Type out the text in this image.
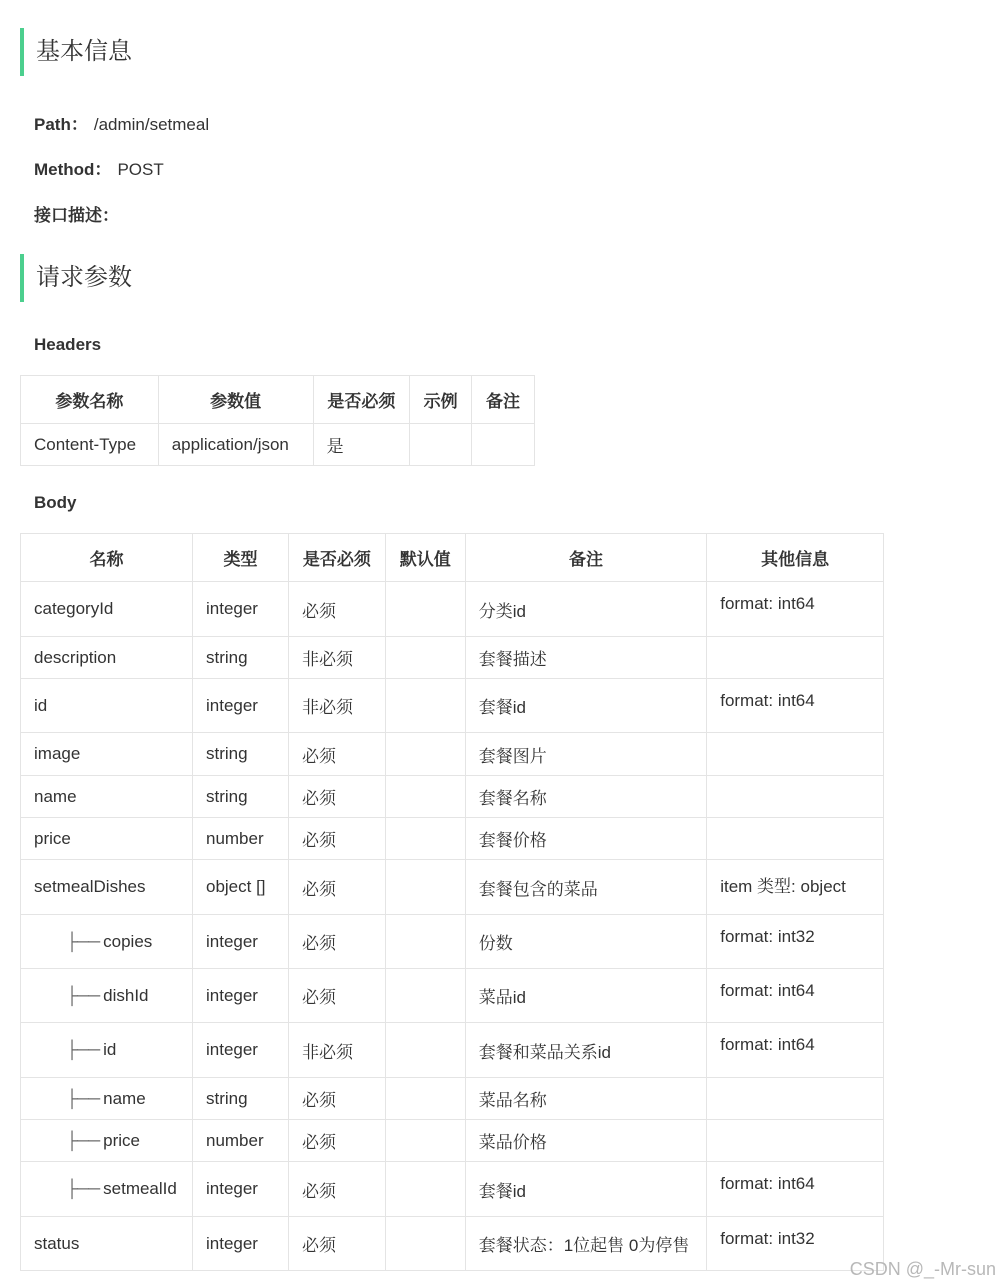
基本信息
Path： /admin/setmeal
Method： POST
接口描述：
请求参数
Headers
参数名称	参数值	是否必须	示例	备注
Content-Type	application/json	是		
Body
名称	类型	是否必须	默认值	备注	其他信息
categoryId	integer	必须		分类id	format: int64
description	string	非必须		套餐描述	
id	integer	非必须		套餐id	format: int64
image	string	必须		套餐图片	
name	string	必须		套餐名称	
price	number	必须		套餐价格	
setmealDishes	object []	必须		套餐包含的菜品	item 类型: object
├── copies	integer	必须		份数	format: int32
├── dishId	integer	必须		菜品id	format: int64
├── id	integer	非必须		套餐和菜品关系id	format: int64
├── name	string	必须		菜品名称	
├── price	number	必须		菜品价格	
├── setmealId	integer	必须		套餐id	format: int64
status	integer	必须		套餐状态：1位起售 0为停售	format: int32
CSDN @_-Mr-sun
